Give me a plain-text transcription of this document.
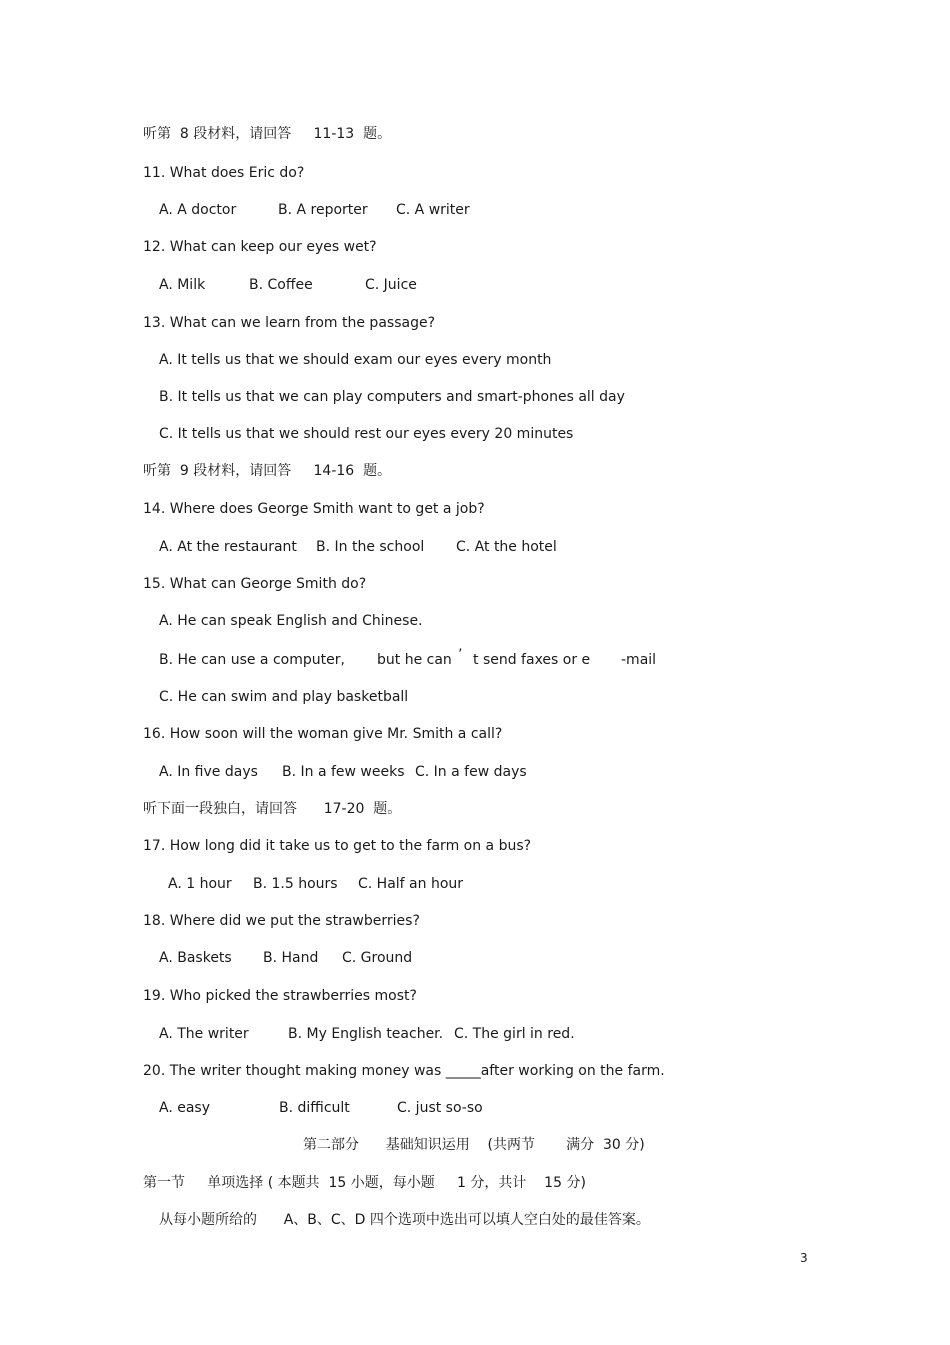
听第  8 段材料，请回答     11-13  题。
11. What does Eric do?
A. A doctor	B. A reporter C. A writer
12. What can keep our eyes wet?
A. Milk	B. Coffee	C. Juice
13. What can we learn from the passage?
A. It tells us that we should exam our eyes every month
B. It tells us that we can play computers and smart-phones all day
C. It tells us that we should rest our eyes every 20 minutes
听第  9 段材料，请回答     14-16  题。
14. Where does George Smith want to get a job?
A. At the restaurant B. In the school C. At the hotel
15. What can George Smith do?
A. He can speak English and Chinese.
B. He can use a computer, but he can ’ t send faxes or e -mail
C. He can swim and play basketball
16. How soon will the woman give Mr. Smith a call?
A. In five days B. In a few weeks C. In a few days
听下面一段独白，请回答      17-20  题。
17. How long did it take us to get to the farm on a bus?
A. 1 hour B. 1.5 hours C. Half an hour
18. Where did we put the strawberries?
A. Baskets B. Hand C. Ground
19. Who picked the strawberries most?
A. The writer	B. My English teacher. C. The girl in red.
20. The writer thought making money was _____after working on the farm.
A. easy	B. difficult	C. just so-so
第二部分      基础知识运用    (共两节       满分  30 分)
第一节     单项选择 ( 本题共  15 小题，每小题     1 分，共计    15 分)
从每小题所给的      A、B、C、D 四个选项中选出可以填人空白处的最佳答案。
3
